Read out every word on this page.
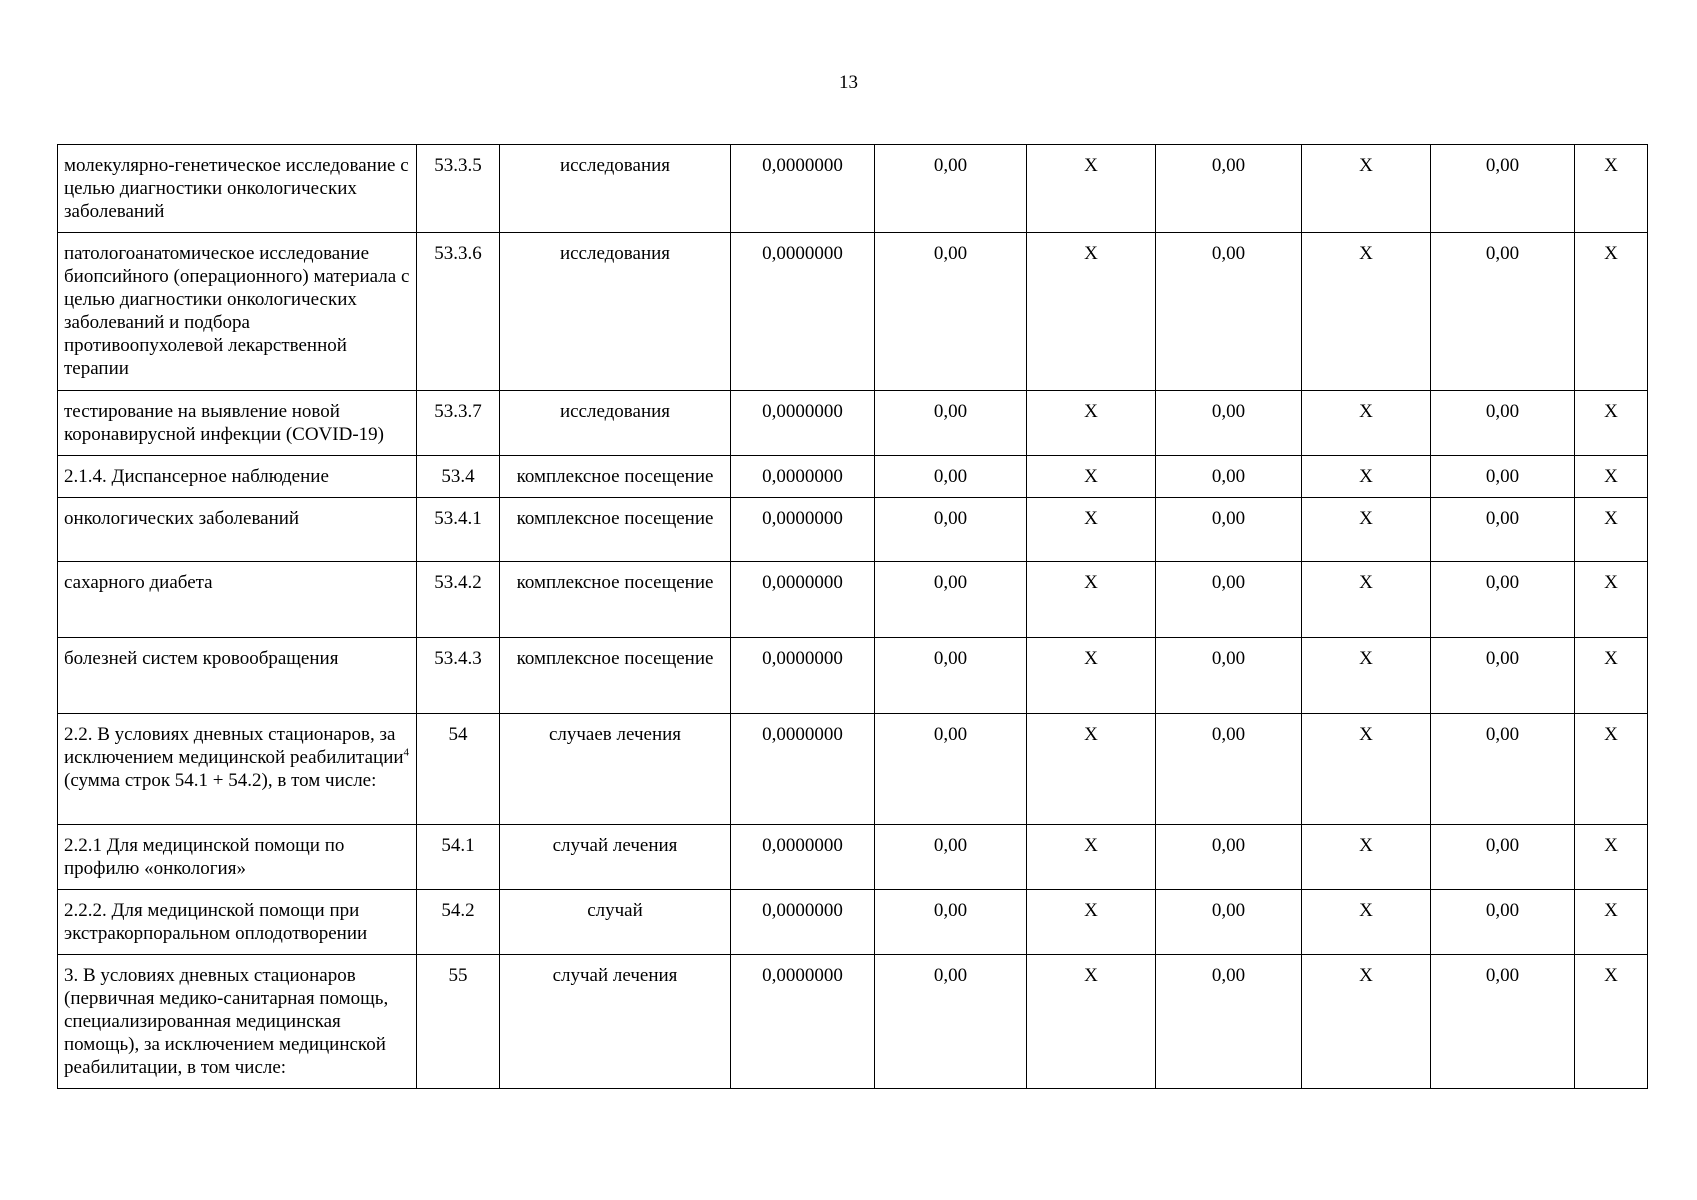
13
молекулярно-генетическое исследование с целью диагностики онкологических заболеваний	53.3.5	исследования	0,0000000	0,00	X	0,00	X	0,00	X
патологоанатомическое исследование биопсийного (операционного) материала с целью диагностики онкологических заболеваний и подбора противоопухолевой лекарственной терапии	53.3.6	исследования	0,0000000	0,00	X	0,00	X	0,00	X
тестирование на выявление новой коронавирусной инфекции (COVID-19)	53.3.7	исследования	0,0000000	0,00	X	0,00	X	0,00	X
2.1.4. Диспансерное наблюдение	53.4	комплексное посещение	0,0000000	0,00	X	0,00	X	0,00	X
онкологических заболеваний	53.4.1	комплексное посещение	0,0000000	0,00	X	0,00	X	0,00	X
сахарного диабета	53.4.2	комплексное посещение	0,0000000	0,00	X	0,00	X	0,00	X
болезней систем кровообращения	53.4.3	комплексное посещение	0,0000000	0,00	X	0,00	X	0,00	X
2.2. В условиях дневных стационаров, за исключением медицинской реабилитации$^4$ (сумма строк 54.1 + 54.2), в том числе:	54	случаев лечения	0,0000000	0,00	X	0,00	X	0,00	X
2.2.1 Для медицинской помощи по профилю «онкология»	54.1	случай лечения	0,0000000	0,00	X	0,00	X	0,00	X
2.2.2. Для медицинской помощи при экстракорпоральном оплодотворении	54.2	случай	0,0000000	0,00	X	0,00	X	0,00	X
3. В условиях дневных стационаров (первичная медико-санитарная помощь, специализированная медицинская помощь), за исключением медицинской реабилитации, в том числе:	55	случай лечения	0,0000000	0,00	X	0,00	X	0,00	X
